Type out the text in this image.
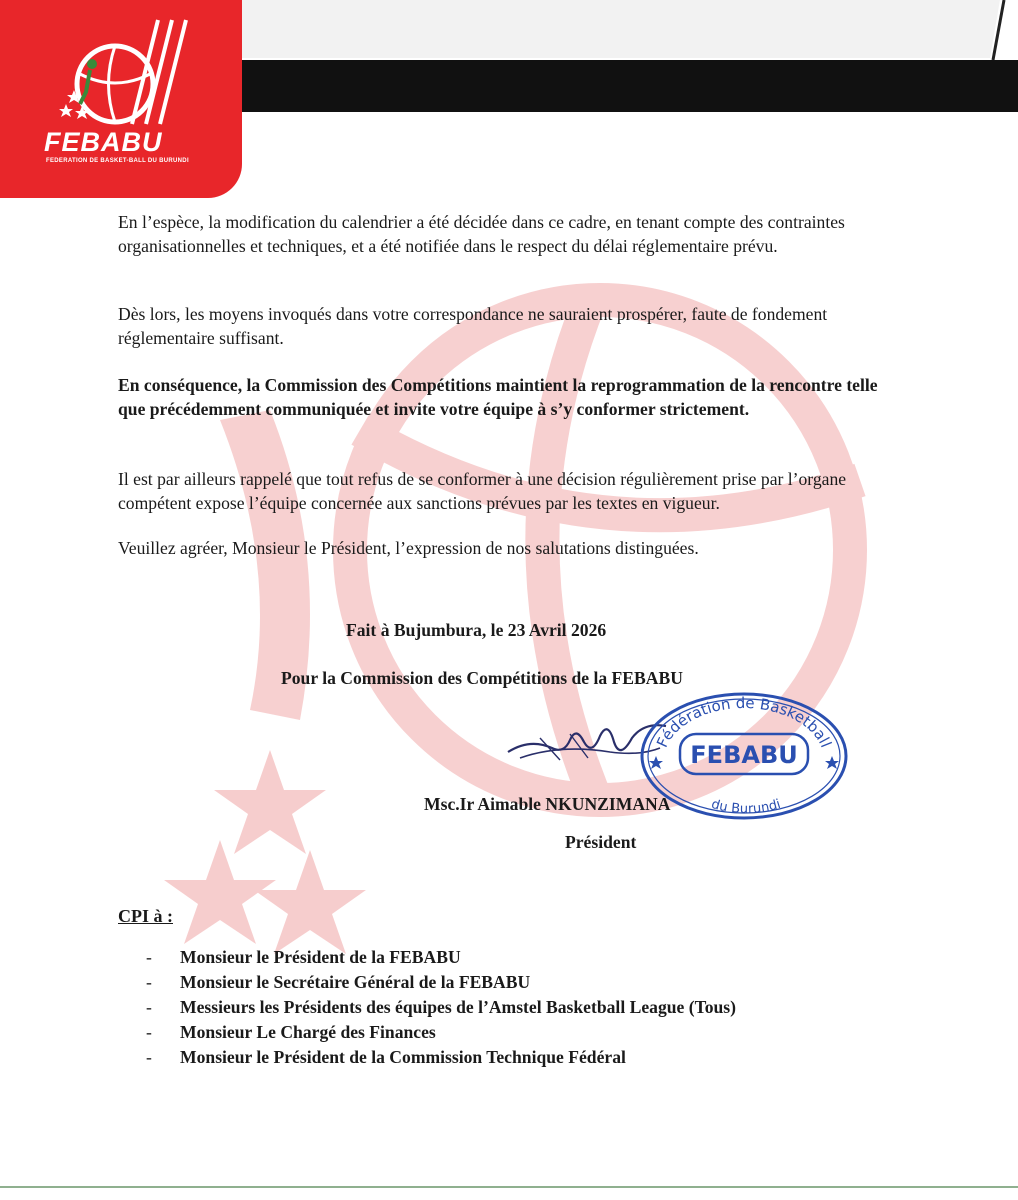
FEBABU
FEDERATION DE BASKET-BALL DU BURUNDI

En l’espèce, la modification du calendrier a été décidée dans ce cadre, en tenant compte des contraintes organisationnelles et techniques, et a été notifiée dans le respect du délai réglementaire prévu.

Dès lors, les moyens invoqués dans votre correspondance ne sauraient prospérer, faute de fondement réglementaire suffisant.

En conséquence, la Commission des Compétitions maintient la reprogrammation de la rencontre telle que précédemment communiquée et invite votre équipe à s’y conformer strictement.

Il est par ailleurs rappelé que tout refus de se conformer à une décision régulièrement prise par l’organe compétent expose l’équipe concernée aux sanctions prévues par les textes en vigueur.

Veuillez agréer, Monsieur le Président, l’expression de nos salutations distinguées.

Fait à Bujumbura, le 23 Avril 2026
Pour la Commission des Compétitions de la FEBABU
Fédération de Basketball
FEBABU
du Burundi
Msc.Ir Aimable NKUNZIMANA
Président
CPI à :
- Monsieur le Président de la FEBABU
- Monsieur le Secrétaire Général de la FEBABU
- Messieurs les Présidents des équipes de l’Amstel Basketball League (Tous)
- Monsieur Le Chargé des Finances
- Monsieur le Président de la Commission Technique Fédéral
